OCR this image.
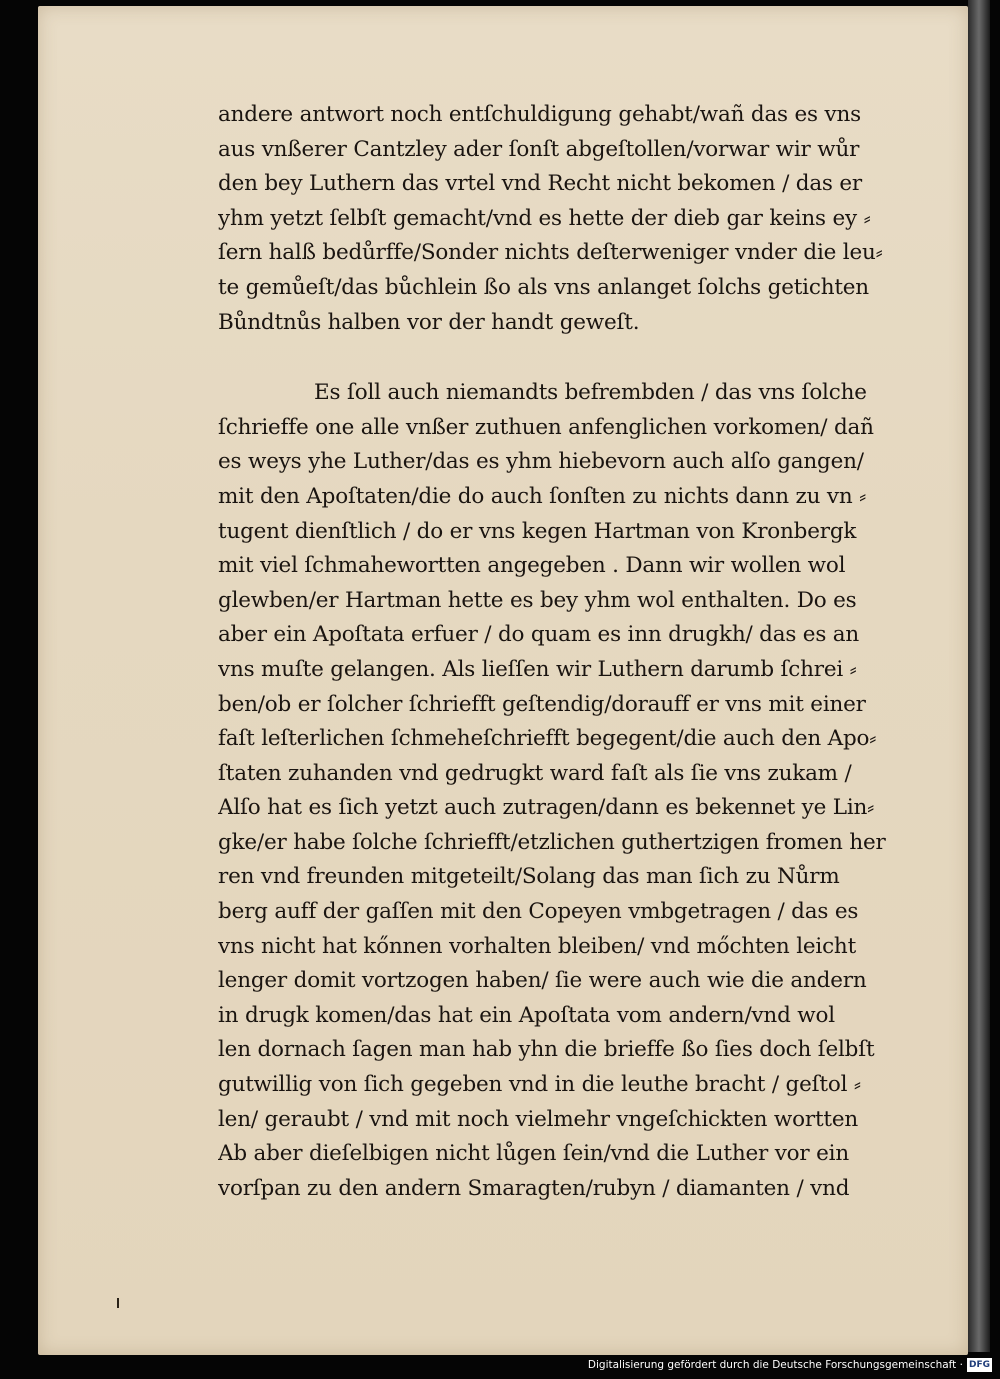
andere antwort noch entſchuldigung gehabt/wañ das es vns
aus vnßerer Cantzley ader ſonſt abgeſtollen/vorwar wir wůr
den bey Luthern das vrtel vnd Recht nicht bekomen / das er
yhm yetzt ſelbſt gemacht/vnd es hette der dieb gar keins ey ⸗
ſern halß bedůrffe/Sonder nichts deſterweniger vnder die leu⸗
te gemůeſt/das bůchlein ßo als vns anlanget ſolchs getichten
Bůndtnůs halben vor der handt geweſt.
Es ſoll auch niemandts befrembden / das vns ſolche
ſchrieffe one alle vnßer zuthuen anfenglichen vorkomen/ dañ
es weys yhe Luther/das es yhm hiebevorn auch alſo gangen/
mit den Apoſtaten/die do auch ſonſten zu nichts dann zu vn ⸗
tugent dienſtlich / do er vns kegen Hartman von Kronbergk
mit viel ſchmahewortten angegeben . Dann wir wollen wol
glewben/er Hartman hette es bey yhm wol enthalten. Do es
aber ein Apoſtata erfuer / do quam es inn drugkh/ das es an
vns muſte gelangen. Als lieſſen wir Luthern darumb ſchrei ⸗
ben/ob er ſolcher ſchriefft geſtendig/dorauff er vns mit einer
faſt leſterlichen ſchmeheſchriefft begegent/die auch den Apo⸗
ſtaten zuhanden vnd gedrugkt ward faſt als ſie vns zukam /
Alſo hat es ſich yetzt auch zutragen/dann es bekennet ye Lin⸗
gke/er habe ſolche ſchriefft/etzlichen guthertzigen fromen her
ren vnd freunden mitgeteilt/Solang das man ſich zu Nůrm
berg auff der gaſſen mit den Copeyen vmbgetragen / das es
vns nicht hat kőnnen vorhalten bleiben/ vnd mőchten leicht
lenger domit vortzogen haben/ ſie were auch wie die andern
in drugk komen/das hat ein Apoſtata vom andern/vnd wol
len dornach ſagen man hab yhn die brieffe ßo ſies doch ſelbſt
gutwillig von ſich gegeben vnd in die leuthe bracht / geſtol ⸗
len/ geraubt / vnd mit noch vielmehr vngeſchickten wortten
Ab aber dieſelbigen nicht lůgen ſein/vnd die Luther vor ein
vorſpan zu den andern Smaragten/rubyn / diamanten / vnd
Digitalisierung gefördert durch die Deutsche Forschungsgemeinschaft · DFG
